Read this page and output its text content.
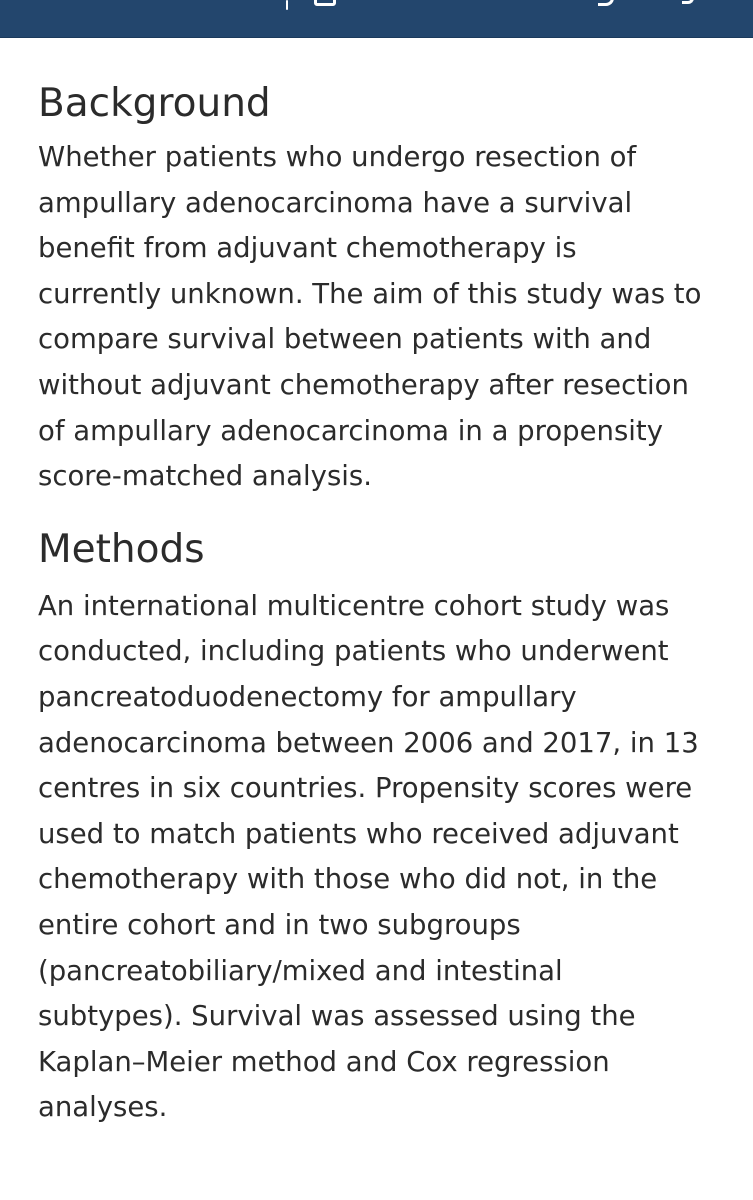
Background

Whether patients who undergo resection of
ampullary adenocarcinoma have a survival
benefit from adjuvant chemotherapy is
currently unknown. The aim of this study was to
compare survival between patients with and
without adjuvant chemotherapy after resection
of ampullary adenocarcinoma in a propensity
score-matched analysis.

Methods

An international multicentre cohort study was
conducted, including patients who underwent
pancreatoduodenectomy for ampullary
adenocarcinoma between 2006 and 2017, in 13
centres in six countries. Propensity scores were
used to match patients who received adjuvant
chemotherapy with those who did not, in the
entire cohort and in two subgroups
(pancreatobiliary/mixed and intestinal
subtypes). Survival was assessed using the
Kaplan–Meier method and Cox regression
analyses.
